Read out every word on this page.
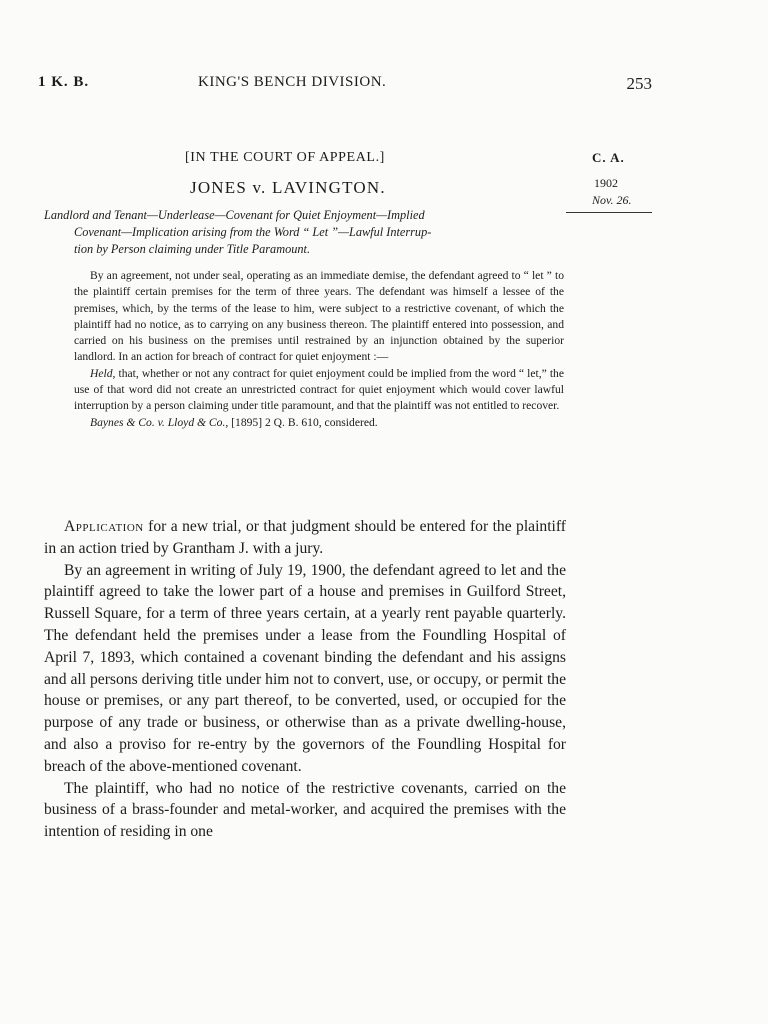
1 K. B.	KING'S BENCH DIVISION.	253
[IN THE COURT OF APPEAL.]
JONES v. LAVINGTON.
C. A.
1902
Nov. 26.
Landlord and Tenant—Underlease—Covenant for Quiet Enjoyment—Implied
Covenant—Implication arising from the Word “ Let ”—Lawful Interrup-
tion by Person claiming under Title Paramount.

By an agreement, not under seal, operating as an immediate demise, the defendant agreed to “ let ” to the plaintiff certain premises for the term of three years. The defendant was himself a lessee of the premises, which, by the terms of the lease to him, were subject to a restrictive covenant, of which the plaintiff had no notice, as to carrying on any business thereon. The plaintiff entered into possession, and carried on his business on the premises until restrained by an injunction obtained by the superior landlord. In an action for breach of contract for quiet enjoyment :—

Held, that, whether or not any contract for quiet enjoyment could be implied from the word “ let,” the use of that word did not create an unrestricted contract for quiet enjoyment which would cover lawful interruption by a person claiming under title paramount, and that the plaintiff was not entitled to recover.

Baynes & Co. v. Lloyd & Co., [1895] 2 Q. B. 610, considered.

Application for a new trial, or that judgment should be entered for the plaintiff in an action tried by Grantham J. with a jury.

By an agreement in writing of July 19, 1900, the defendant agreed to let and the plaintiff agreed to take the lower part of a house and premises in Guilford Street, Russell Square, for a term of three years certain, at a yearly rent payable quarterly. The defendant held the premises under a lease from the Foundling Hospital of April 7, 1893, which contained a covenant binding the defendant and his assigns and all persons deriving title under him not to convert, use, or occupy, or permit the house or premises, or any part thereof, to be converted, used, or occupied for the purpose of any trade or business, or otherwise than as a private dwelling-house, and also a proviso for re-entry by the governors of the Foundling Hospital for breach of the above-mentioned covenant.

The plaintiff, who had no notice of the restrictive covenants, carried on the business of a brass-founder and metal-worker, and acquired the premises with the intention of residing in one
